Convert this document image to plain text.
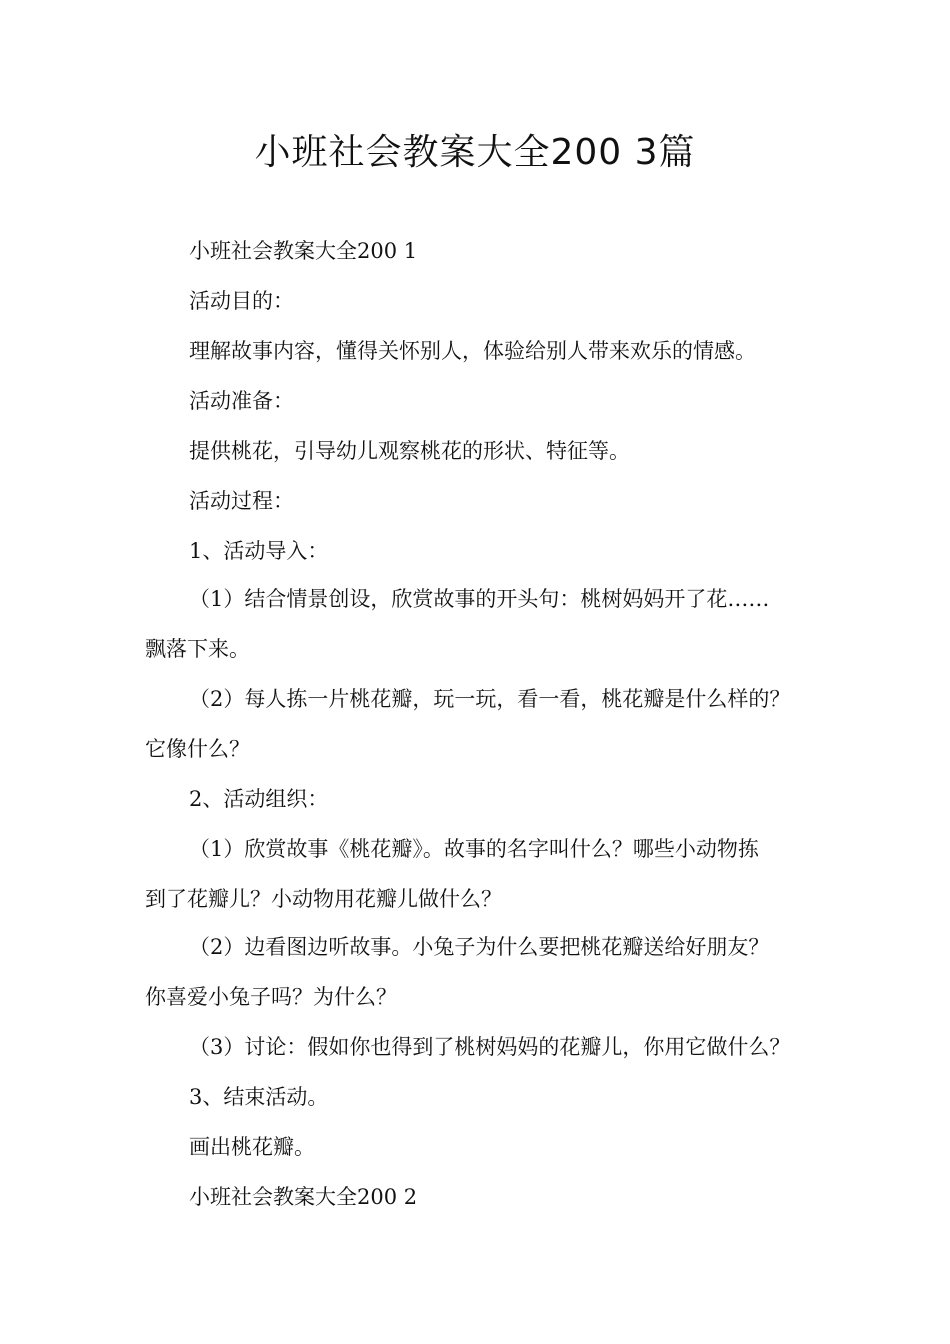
小班社会教案大全200 3篇
小班社会教案大全200 1
活动目的：
理解故事内容，懂得关怀别人，体验给别人带来欢乐的情感。
活动准备：
提供桃花，引导幼儿观察桃花的形状、特征等。
活动过程：
1、活动导入：
（1）结合情景创设，欣赏故事的开头句：桃树妈妈开了花……
飘落下来。
（2）每人拣一片桃花瓣，玩一玩，看一看，桃花瓣是什么样的？
它像什么？
2、活动组织：
（1）欣赏故事《桃花瓣》。故事的名字叫什么？哪些小动物拣
到了花瓣儿？小动物用花瓣儿做什么？
（2）边看图边听故事。小兔子为什么要把桃花瓣送给好朋友？
你喜爱小兔子吗？为什么？
（3）讨论：假如你也得到了桃树妈妈的花瓣儿，你用它做什么？
3、结束活动。
画出桃花瓣。
小班社会教案大全200 2
